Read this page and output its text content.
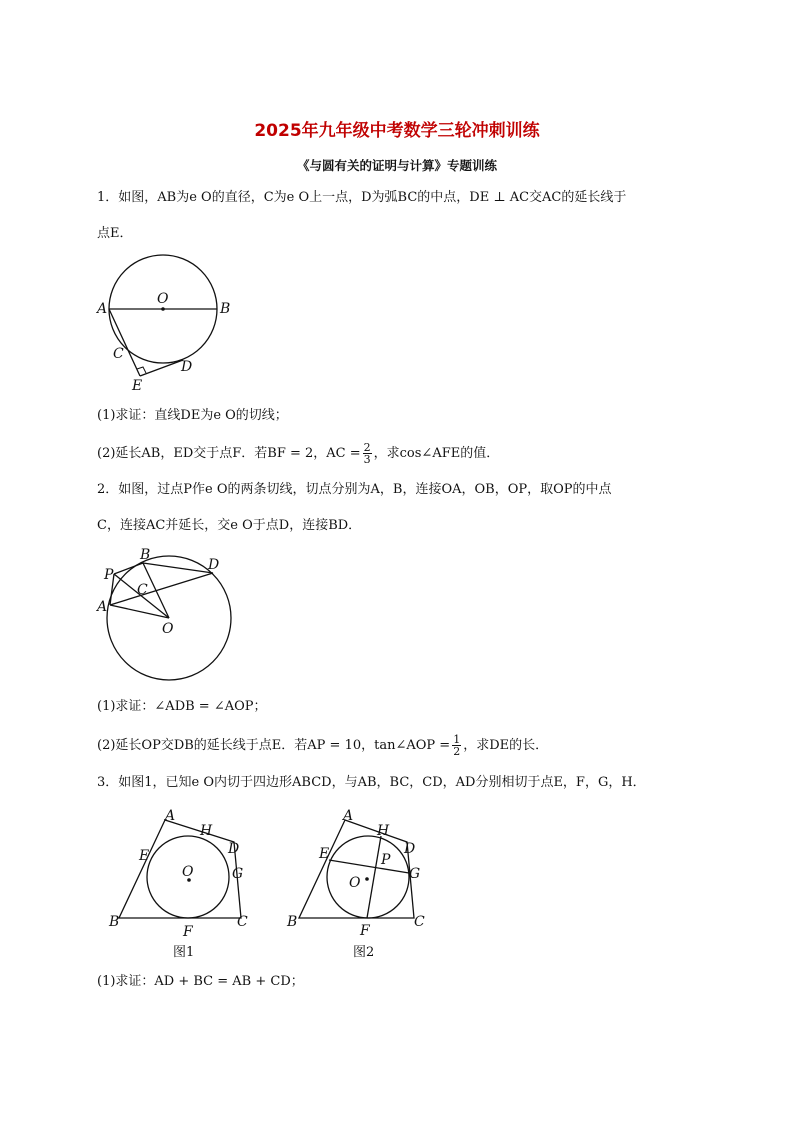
2025年九年级中考数学三轮冲刺训练
《与圆有关的证明与计算》专题训练
1．如图，AB为e O的直径，C为e O上一点，D为弧BC的中点，DE ⊥ AC交AC的延长线于
点E．
A	B
O
C
D
E
(1)求证：直线DE为e O的切线；
(2)延长AB，ED交于点F．若BF = 2，AC = $\frac{2}{3}$ ，求cos∠AFE的值．
2．如图，过点P作e O的两条切线，切点分别为A，B，连接OA，OB，OP，取OP的中点
C，连接AC并延长，交e O于点D，连接BD．
P
B
D
C
A
O
(1)求证：∠ADB = ∠AOP；
(2)延长OP交DB的延长线于点E．若AP = 10，tan∠AOP = $\frac{1}{2}$ ，求DE的长．
3．如图1，已知e O内切于四边形ABCD，与AB，BC，CD，AD分别相切于点E，F，G，H．
A
H
D
E
O	G
B
F
C
图1
A
H
D
E	P
O
G
B
F
C
图2
(1)求证：AD + BC = AB + CD；
